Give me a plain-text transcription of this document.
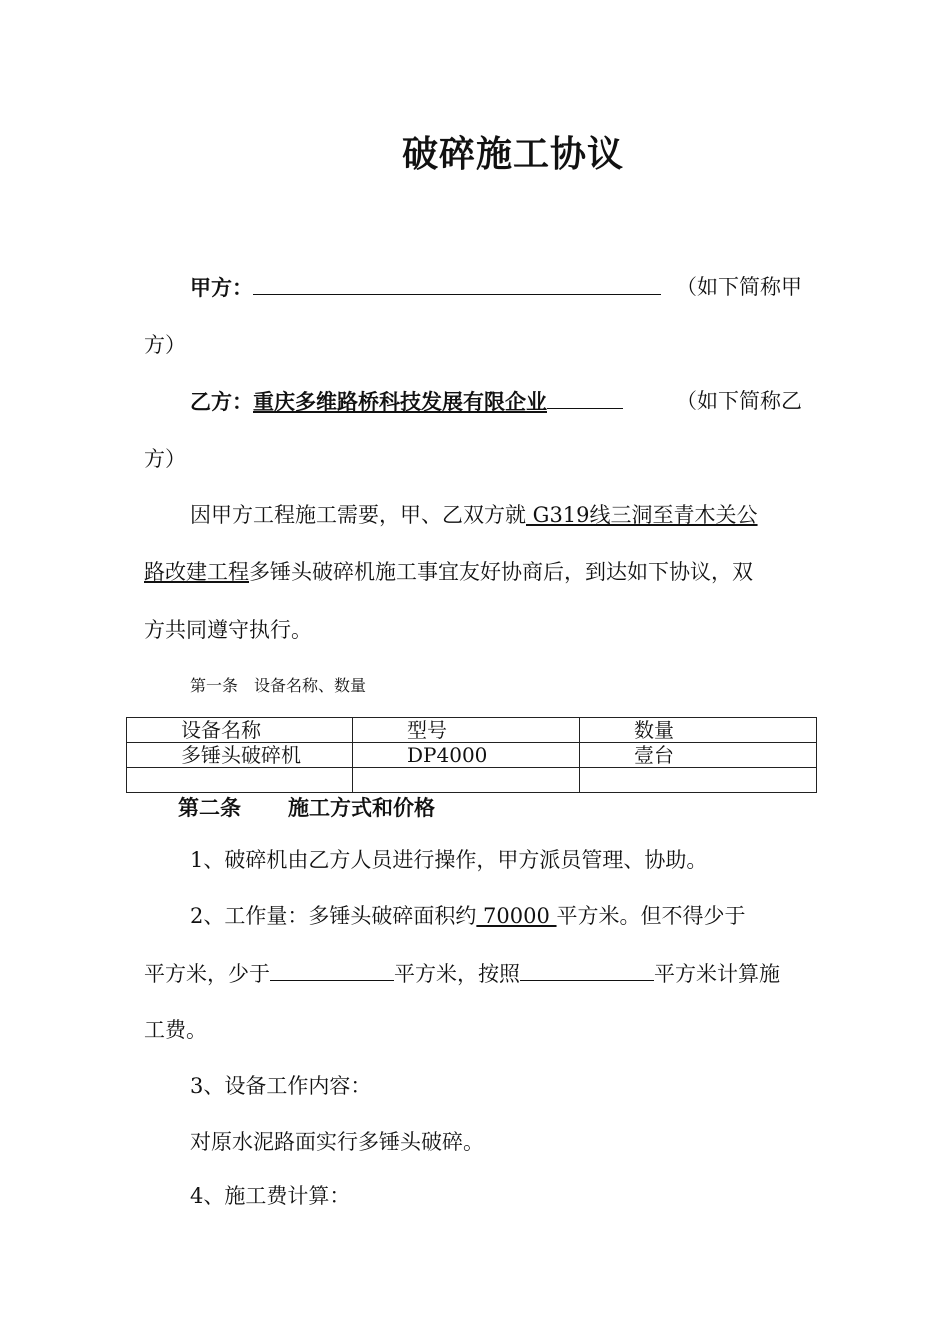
破碎施工协议
甲方：	（如下简称甲
方）
乙方：重庆多维路桥科技发展有限企业	（如下简称乙
方）
因甲方工程施工需要，甲、乙双方就 G319线三洞至青木关公
路改建工程多锤头破碎机施工事宜友好协商后，到达如下协议，双
方共同遵守执行。
第一条　设备名称、数量
设备名称	型号	数量
多锤头破碎机	DP4000	壹台

第二条 施工方式和价格
1、破碎机由乙方人员进行操作，甲方派员管理、协助。
2、工作量：多锤头破碎面积约 70000 平方米。但不得少于
平方米，少于	平方米，按照	平方米计算施
工费。
3、设备工作内容：
对原水泥路面实行多锤头破碎。
4、施工费计算：
